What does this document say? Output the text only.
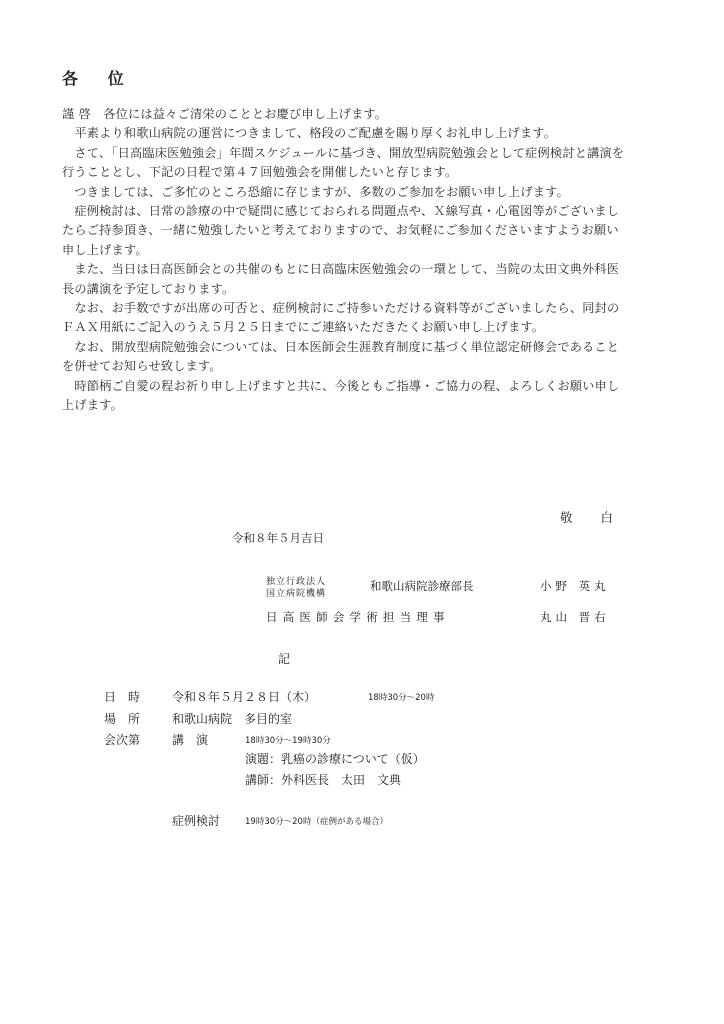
各 位

謹 啓　各位には益々ご清栄のこととお慶び申し上げます。

　平素より和歌山病院の運営につきまして、格段のご配慮を賜り厚くお礼申し上げます。

　さて、「日高臨床医勉強会」年間スケジュールに基づき、開放型病院勉強会として症例検討と講演を行うこととし、下記の日程で第４７回勉強会を開催したいと存じます。

　つきましては、ご多忙のところ恐縮に存じますが、多数のご参加をお願い申し上げます。

　症例検討は、日常の診療の中で疑問に感じておられる問題点や、Ｘ線写真・心電図等がございましたらご持参頂き、一緒に勉強したいと考えておりますので、お気軽にご参加くださいますようお願い申し上げます。

　また、当日は日高医師会との共催のもとに日高臨床医勉強会の一環として、当院の太田文典外科医長の講演を予定しております。

　なお、お手数ですが出席の可否と、症例検討にご持参いただける資料等がございましたら、同封のＦＡＸ用紙にご記入のうえ５月２５日までにご連絡いただきたくお願い申し上げます。

　なお、開放型病院勉強会については、日本医師会生涯教育制度に基づく単位認定研修会であることを併せてお知らせ致します。

　時節柄ご自愛の程お祈り申し上げますと共に、今後ともご指導・ご協力の程、よろしくお願い申し上げます。

敬 白
令和８年５月吉日
独立行政法人
国立病院機構
和歌山病院診療部長	小野 英丸
日高医師会学術担当理事	丸山 晋右
記
日　時	令和８年５月２８日（木）	18時30分～20時
場　所	和歌山病院　多目的室
会次第	講　演	18時30分～19時30分
演題：乳癌の診療について（仮）
講師：外科医長　太田　文典
症例検討	19時30分～20時（症例がある場合）
